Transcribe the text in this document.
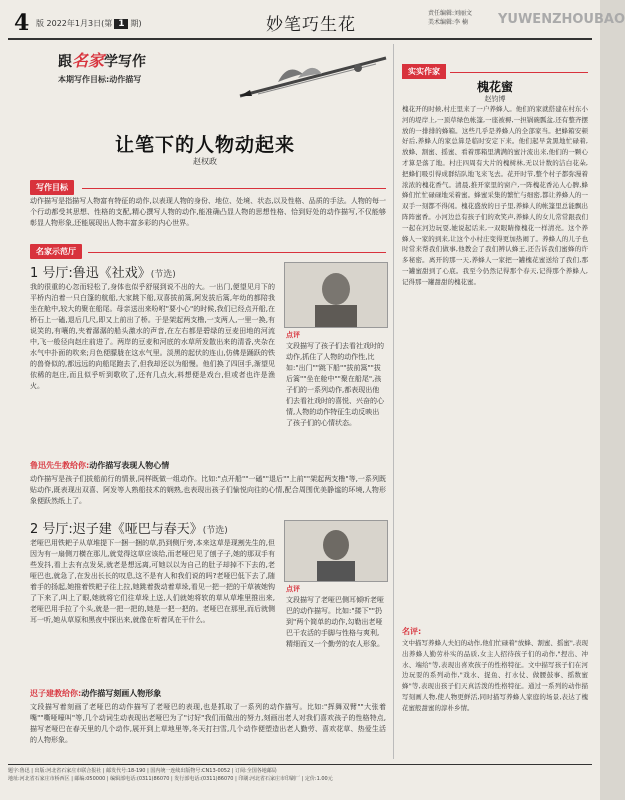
4 版 2022年1月3日(第 1 期)	妙笔巧生花
责任编辑:刘丽文
美术编辑:李 楠	YUWENZHOUBAO
跟名家学写作
本期写作目标:动作描写
让笔下的人物动起来
赵权政
写作目标
动作描写是指描写人物富有特征的动作,以表现人物的身份、地位、处境、状态,以及性格、品质的手法。人物的每一个行动都受其思想、性格的支配,精心撰写人物的动作,能准确凸显人物的思想性格、恰到好处的动作描写,不仅能够彰显人物形象,还能展现出人物丰富多彩的内心世界。
名家示范厅
1 号厅:鲁迅《社戏》(节选)
我的很重的心忽而轻松了,身体也似乎舒展到说不出的大。一出门,便望见月下的平桥内泊着一只白篷的航船,大家跳下船,双喜拔前篙,阿发拔后篙,年幼的都陪我坐在舱中,较大的聚在船尾。母亲送出来吩咐"要小心"的时候,我们已经点开船,在桥石上一磕,退后几尺,即又上前出了桥。于是架起两支橹,一支两人,一里一换,有说笑的,有嚷的,夹着潺潺的船头激水的声音,在左右都是碧绿的豆麦田地的河流中,飞一般径向赵庄前进了。两岸的豆麦和河底的水草所发散出来的清香,夹杂在水气中扑面的吹来;月色便朦胧在这水气里。淡黑的起伏的连山,仿佛是踊跃的铁的兽脊似的,都远远的向船尾跑去了,但我却还以为船慢。他们换了四回手,渐望见依稀的赵庄,而且似乎听到歌吹了,还有几点火,料想便是戏台,但或者也许是渔火。
点评
文段描写了孩子们去看社戏时的动作,抓住了人物的动作性,比如:"出门""跳下船""拔前篙""拔后篙""坐在舱中""聚在船尾",孩子们的一系列动作,都表现出他们去看社戏时的喜悦、兴奋的心情,人物的动作特征生动反映出了孩子们的心情状态。
鲁迅先生教给你:动作描写表现人物心情
动作描写是孩子们拔船前行的情景,同样既做一组动作。比如:"点开船""一磕""退后""上前""架起两支橹"等,一系列既贴动作,既表现出双喜、阿发等人熟船技术的娴熟,也表现出孩子们愉悦向往的心情,配合周围优美静谧的环境,人物形象便跃然纸上了。
2 号厅:迟子建《哑巴与春天》(节选)
老哑巴用铁耙子从草堆提下一捆一捆的草,扔到侧厅旁,本来这草是现割先生的,但因为有一扇侧刀横在那儿,就觉得这草应该给,而老哑巴见了刨子子,她的那双手有些发抖,看上去有点发呆,就老是想远离,可她以以为自己的肚子却掉不下去的,老哑巴也,就急了,在发出长长的叹息,这不是有人和我们说的吗?老哑巴低下去了,随着手的扬起,她推着铁耙子往上拉,她跳着拨动着草垛,看见一把一把的干草被她钩了下来了,叫上了眼,她就将它们往草垛上送,人们就她将软的草从草堆里推出来,老哑巴用手拉了个头,就是一把一把的,她是一把一把的。老哑巴在那里,而后就侧耳一听,她从草原和黑夜中探出来,就像在听着风在干什么。
点评
文段描写了老哑巴侧耳倾听老哑巴的动作描写。比如:"搂下""扔到"两个简单的动作,勾勒出老哑巴干农活的手脚与性格与爽利,精细而又一个勤劳的农人形象。
迟子建教给你:动作描写刻画人物形象
文段描写着刻画了老哑巴的动作描写了老哑巴的表现,也是抓取了一系列的动作描写。比如:"挥舞双臂""大张着嘴""嘶哑嚎叫"等,几个动词生动表现出老哑巴为了"讨好"我们而做出的努力,刻画出老人对我们喜欢孩子的性格特点,描写老哑巴在春天里的几个动作,展开到上草地里等,冬天打扫雪,几个动作便塑造出老人勤劳、喜欢花草、热爱生活的人物形象。
实实作家
槐花蜜
赵钧博
槐花开的时候,村庄里来了一户养蜂人。他们的家就搭建在村东小河的堤岸上,一顶草绿色帐篷,一座被褥,一担锅碗瓢盆,还有整齐摆放的一排排的蜂箱。这些几乎是养蜂人的全部家当。把蜂箱安顿好后,养蜂人的家总算是临时安定下来。他们起早贪黑地忙碌着,放蜂、割蜜、摇蜜、看着那箱里满满的蜜汁流出来,他们的一颗心才算是落了地。村庄四周有大片的槐树林,无以计数的洁白花朵,把蜂们吸引得成群结队地飞来飞去。花开时节,整个村子都弥漫着浓浓的槐花香气。清晨,推开家里的窗户,一阵槐花香沁人心脾,蜂蜂们忙忙碌碌地采着蜜。蜂蜜采集的繁忙与细密,都让养蜂人的一双手一刻都不得闲。槐花盛放的日子里,养蜂人的帐篷里总能飘出阵阵蜜香。小河边总有孩子们的欢笑声,养蜂人的女儿常常跟我们一起在河边玩耍,她说起话来,一双眼睛像槐花一样清亮。这个养蜂人一家的到来,让这个小村庄变得更加热闹了。养蜂人的儿子也时常来帮我们做事,他教会了我们辨认蜂王,还告诉我们蜜蜂的许多秘密。离开的那一天,养蜂人一家把一罐槐花蜜送给了我们,那一罐蜜甜到了心底。我至今仍然记得那个春天,记得那个养蜂人,记得那一罐甜甜的槐花蜜。
名评:
文中描写养蜂人夫妇的动作,他们忙碌着"放蜂、割蜜、摇蜜",表现出养蜂人勤劳朴实的品质,女主人招待孩子们的动作,"捏出、冲水、端给"等,表现出喜欢孩子的性格特征。文中描写孩子们在河边玩耍的系列动作,"戏水、捉鱼、打水仗、做腰鼓事、摇数蜜蜂"等,表现出孩子们天真活泼的性格特征。通过一系列的动作描写刻画人物,使人物更鲜活,同时描写养蜂人家庭的场景,表达了槐花蜜般甜蜜的淳朴乡情。
题字:鲁迅 | 出版:河北省石家庄市联合报社 | 邮发代号:18-190 | 国内统一连续出版物号:CN13-0052 | 订阅:全国各地邮局
地址:河北省石家庄市桥西区 | 邮编:050000 | 编辑部电话:(0311)86070 | 发行部电话:(0311)86070 | 印刷:河北省石家庄市印刷厂 | 定价:1.00元
